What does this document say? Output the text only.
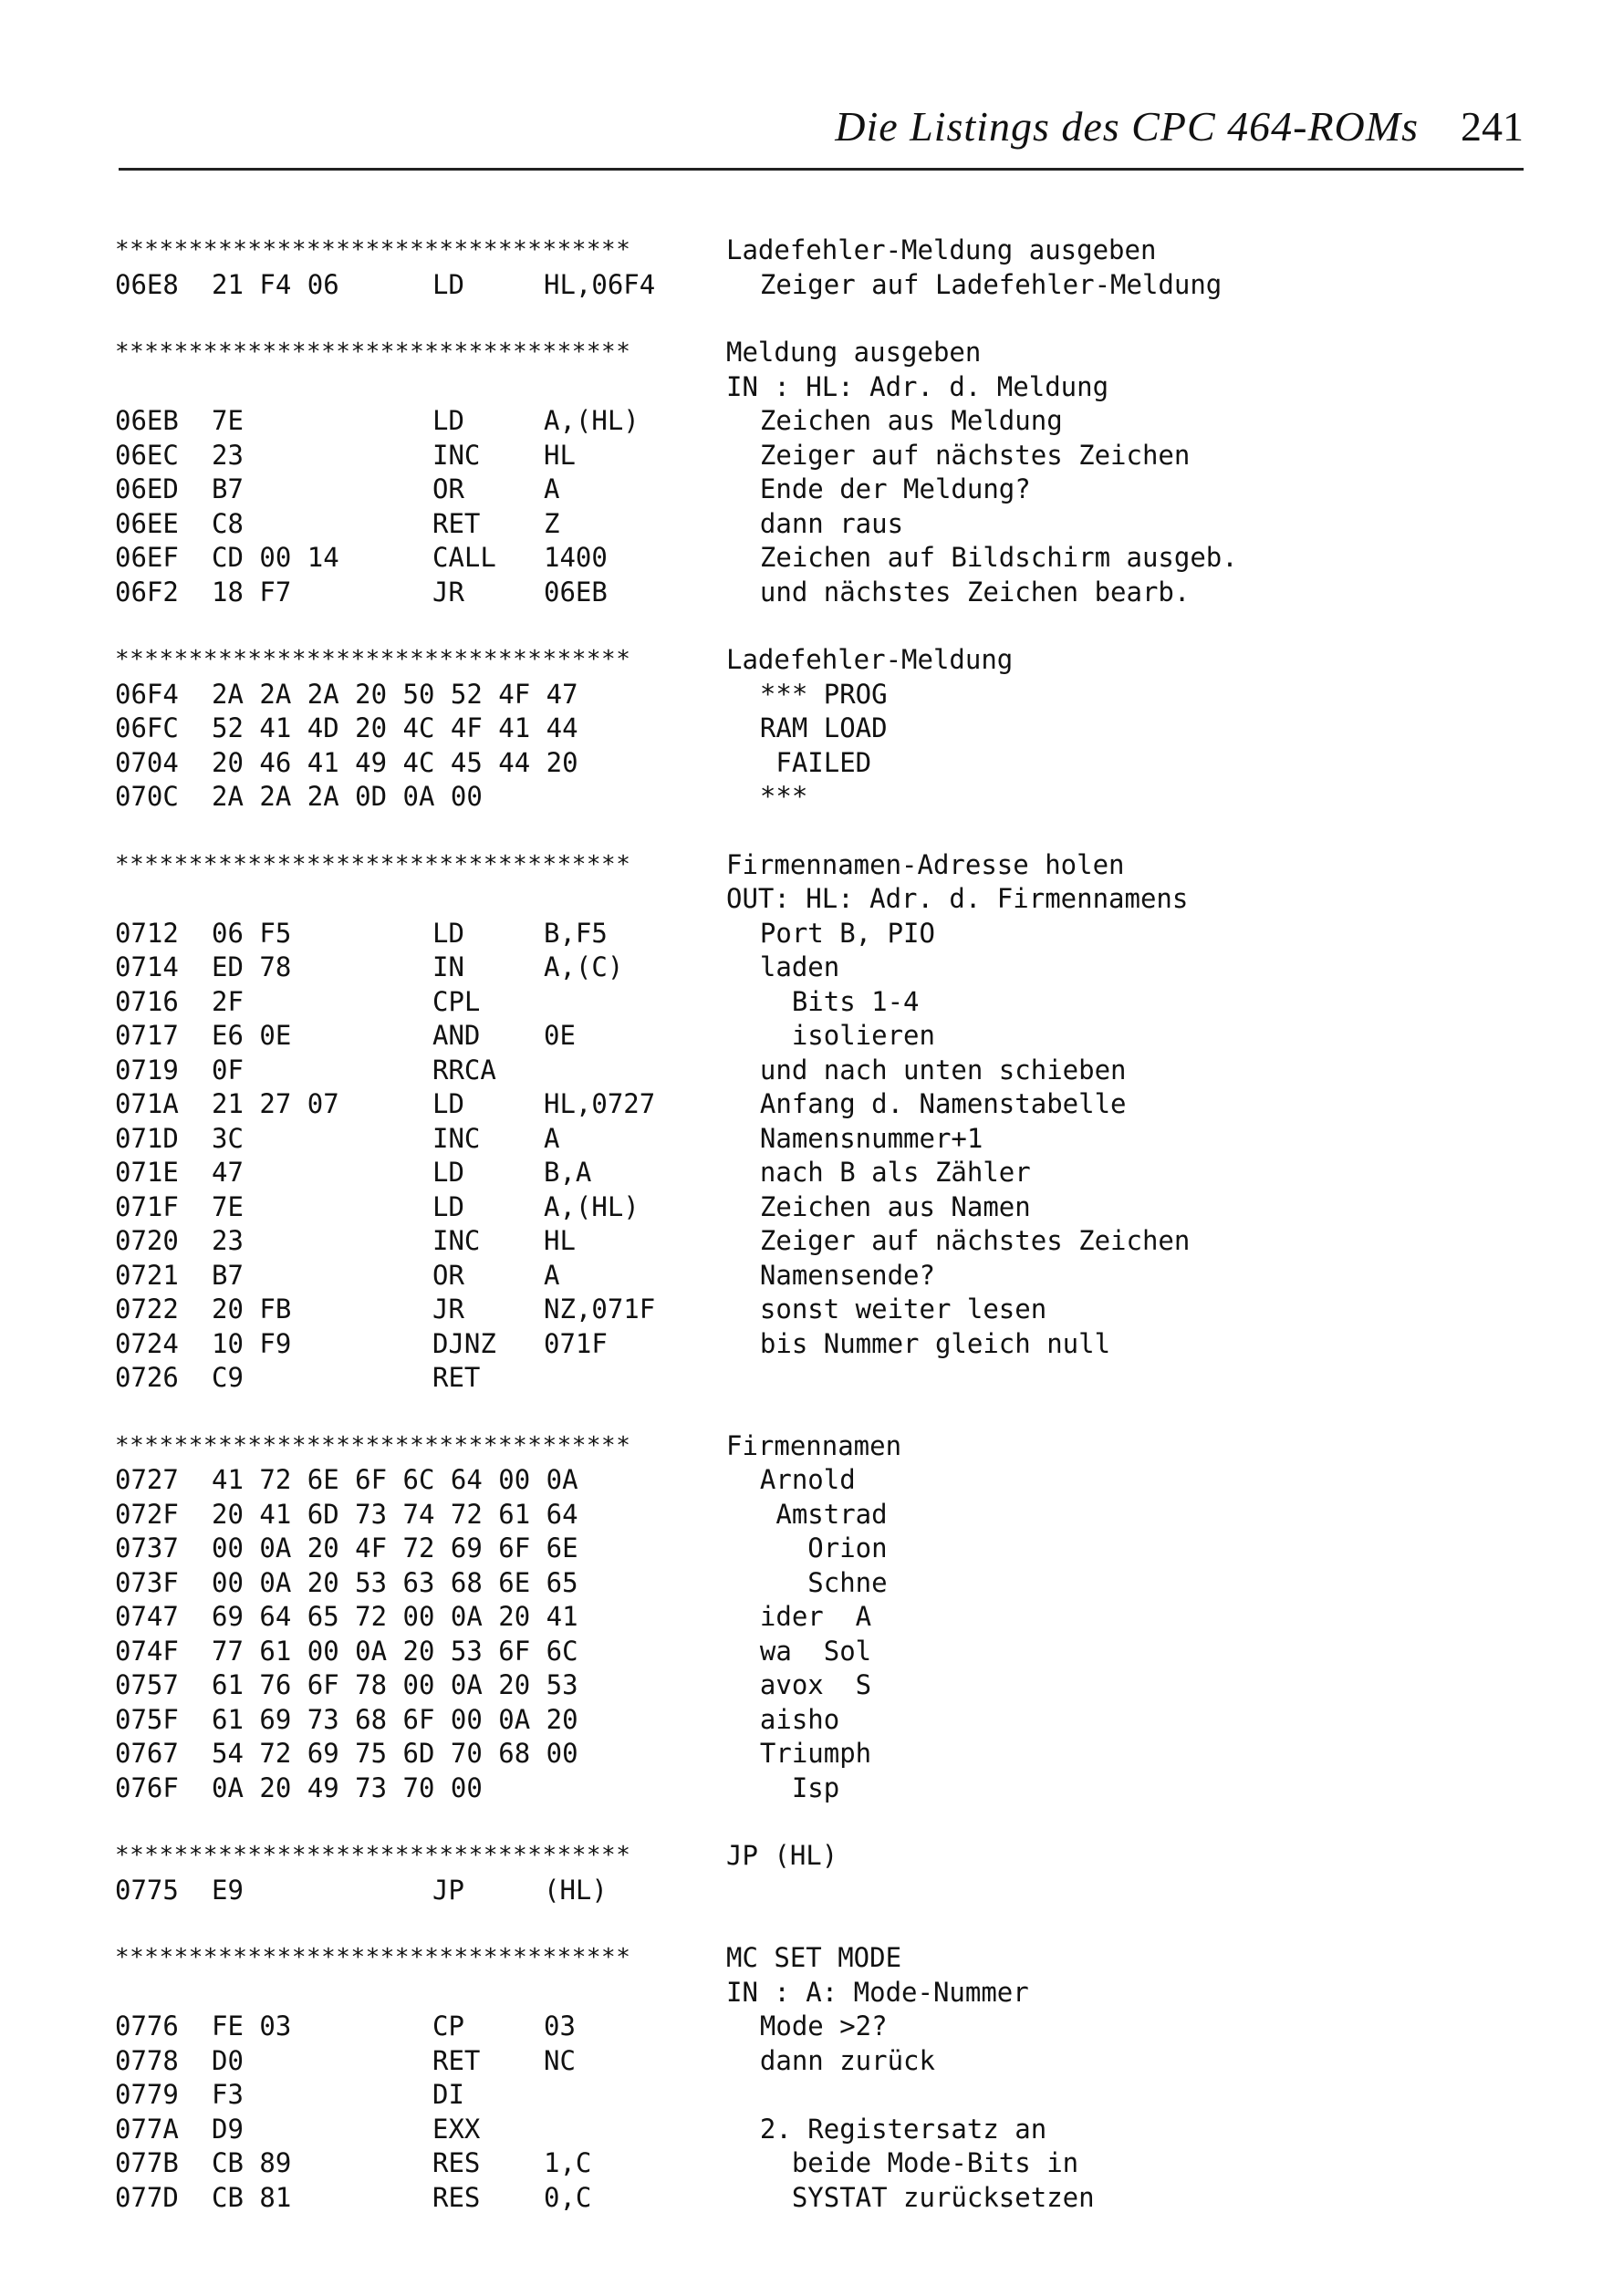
Die Listings des CPC 464-ROMs 241
***********************************	Ladefehler-Meldung ausgeben
06E8 21 F4 06	LD	HL,06F4	Zeiger auf Ladefehler-Meldung
***********************************	Meldung ausgeben
IN : HL: Adr. d. Meldung
06EB 7E	LD	A,(HL)	Zeichen aus Meldung
06EC 23	INC HL	Zeiger auf nächstes Zeichen
06ED B7	OR	A	Ende der Meldung?
06EE C8	RET Z	dann raus
06EF CD 00 14	CALL 1400	Zeichen auf Bildschirm ausgeb.
06F2 18 F7	JR	06EB	und nächstes Zeichen bearb.
***********************************	Ladefehler-Meldung
06F4 2A 2A 2A 20 50 52 4F 47	*** PROG
06FC 52 41 4D 20 4C 4F 41 44	RAM LOAD
0704 20 46 41 49 4C 45 44 20	FAILED
070C 2A 2A 2A 0D 0A 00	***
***********************************	Firmennamen-Adresse holen
OUT: HL: Adr. d. Firmennamens
0712 06 F5	LD	B,F5	Port B, PIO
0714 ED 78	IN	A,(C)	laden
0716 2F	CPL	Bits 1-4
0717 E6 0E	AND 0E	isolieren
0719 0F	RRCA	und nach unten schieben
071A 21 27 07	LD	HL,0727	Anfang d. Namenstabelle
071D 3C	INC A	Namensnummer+1
071E 47	LD	B,A	nach B als Zähler
071F 7E	LD	A,(HL)	Zeichen aus Namen
0720 23	INC HL	Zeiger auf nächstes Zeichen
0721 B7	OR	A	Namensende?
0722 20 FB	JR	NZ,071F	sonst weiter lesen
0724 10 F9	DJNZ 071F	bis Nummer gleich null
0726 C9	RET
***********************************	Firmennamen
0727 41 72 6E 6F 6C 64 00 0A	Arnold
072F 20 41 6D 73 74 72 61 64	Amstrad
0737 00 0A 20 4F 72 69 6F 6E	Orion
073F 00 0A 20 53 63 68 6E 65	Schne
0747 69 64 65 72 00 0A 20 41	ider  A
074F 77 61 00 0A 20 53 6F 6C	wa  Sol
0757 61 76 6F 78 00 0A 20 53	avox  S
075F 61 69 73 68 6F 00 0A 20	aisho
0767 54 72 69 75 6D 70 68 00	Triumph
076F 0A 20 49 73 70 00	Isp
***********************************	JP (HL)
0775 E9	JP	(HL)
***********************************	MC SET MODE
IN : A: Mode-Nummer
0776 FE 03	CP	03	Mode >2?
0778 D0	RET NC	dann zurück
0779 F3	DI
077A D9	EXX	2. Registersatz an
077B CB 89	RES 1,C	beide Mode-Bits in
077D CB 81	RES 0,C	SYSTAT zurücksetzen
